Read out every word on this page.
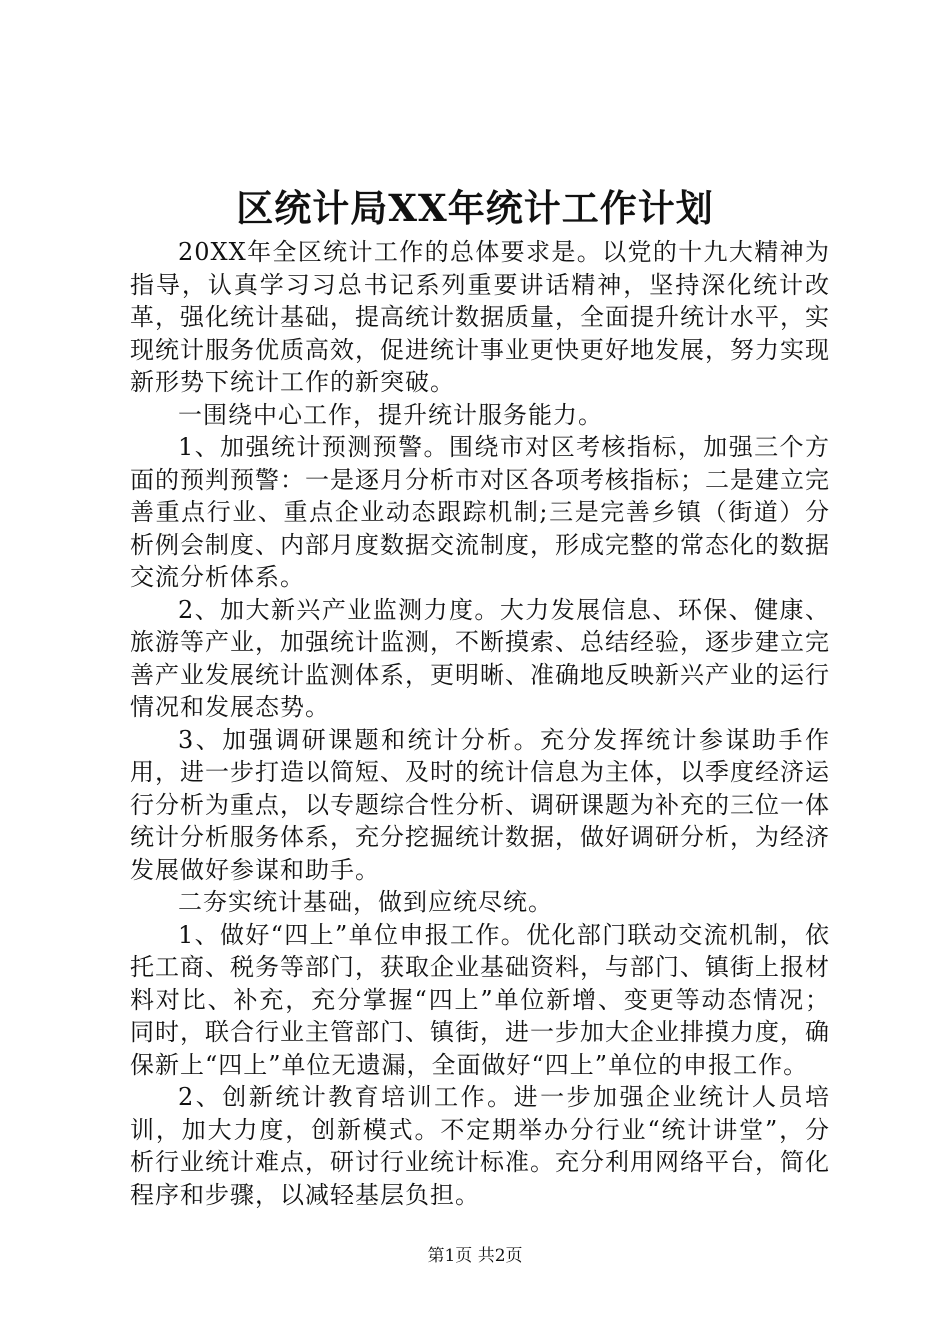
区统计局XX年统计工作计划

20XX年全区统计工作的总体要求是。以党的十九大精神为指导，认真学习习总书记系列重要讲话精神，坚持深化统计改革，强化统计基础，提高统计数据质量，全面提升统计水平，实现统计服务优质高效，促进统计事业更快更好地发展，努力实现新形势下统计工作的新突破。

一围绕中心工作，提升统计服务能力。

1、加强统计预测预警。围绕市对区考核指标，加强三个方面的预判预警：一是逐月分析市对区各项考核指标；二是建立完善重点行业、重点企业动态跟踪机制;三是完善乡镇（街道）分析例会制度、内部月度数据交流制度，形成完整的常态化的数据交流分析体系。

2、加大新兴产业监测力度。大力发展信息、环保、健康、旅游等产业，加强统计监测，不断摸索、总结经验，逐步建立完善产业发展统计监测体系，更明晰、准确地反映新兴产业的运行情况和发展态势。

3、加强调研课题和统计分析。充分发挥统计参谋助手作用，进一步打造以简短、及时的统计信息为主体，以季度经济运行分析为重点，以专题综合性分析、调研课题为补充的三位一体统计分析服务体系，充分挖掘统计数据，做好调研分析，为经济发展做好参谋和助手。

二夯实统计基础，做到应统尽统。

1、做好“四上”单位申报工作。优化部门联动交流机制，依托工商、税务等部门，获取企业基础资料，与部门、镇街上报材料对比、补充，充分掌握“四上”单位新增、变更等动态情况；同时，联合行业主管部门、镇街，进一步加大企业排摸力度，确保新上“四上”单位无遗漏，全面做好“四上”单位的申报工作。

2、创新统计教育培训工作。进一步加强企业统计人员培训，加大力度，创新模式。不定期举办分行业“统计讲堂”，分析行业统计难点，研讨行业统计标准。充分利用网络平台，简化程序和步骤，以减轻基层负担。

第1页 共2页
